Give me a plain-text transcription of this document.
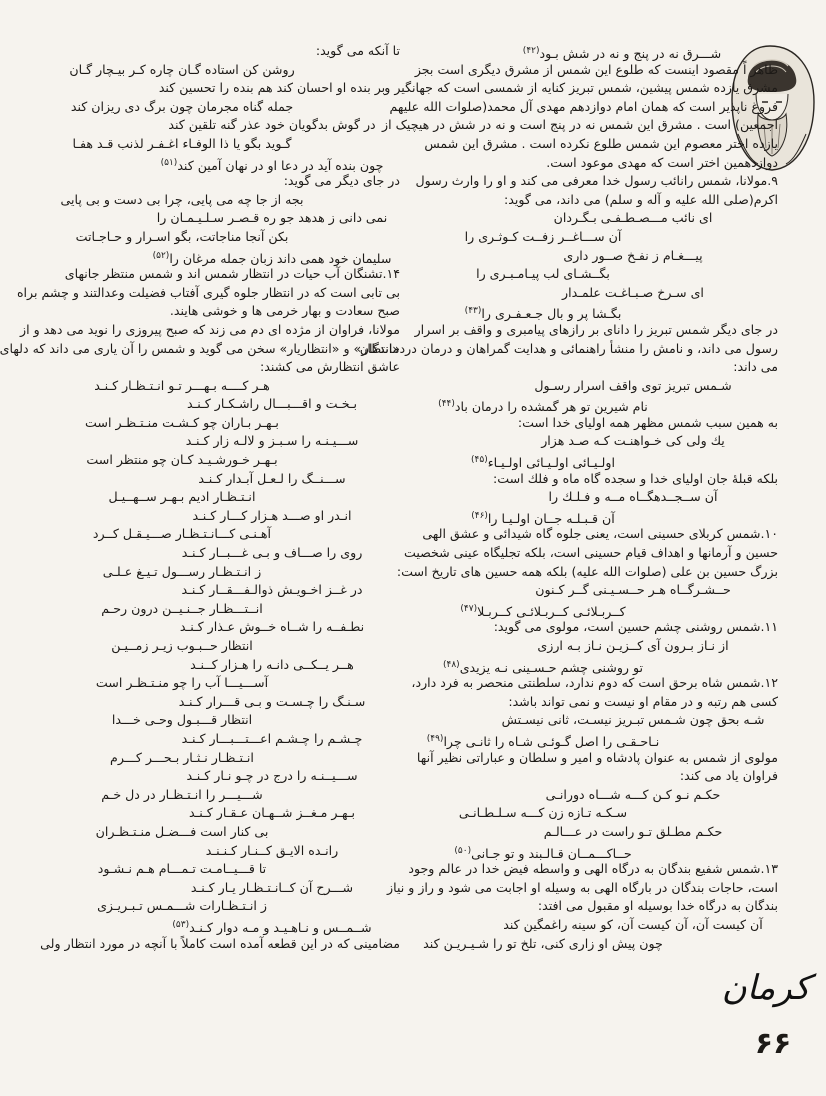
شـــرق نه در پنج و نه در شش بـود$^{(۴۲)}$
ظاهر اً مقصود اینست که طلوع این شمس از مشرق دیگری است بجز
مشرق یازده شمس پیشین، شمس تبریز کنایه از شمسی است که جهانگیر و
فروغ ناپذیر است که همان امام دوازدهم مهدی آل محمد(صلوات الله علیهم
اجمعین) است . مشرق این شمس نه در پنج است و نه در شش در هیچیک از
یازده اختر معصوم این شمس طلوع نکرده است . مشرق این شمس
دوازدهمین اختر است که مهدی موعود است.
۹.مولانا، شمس رانائب رسول خدا معرفی می کند و او را وارث رسول
اکرم(صلی الله علیه و آله و سلم) می داند، می گوید:
ای نائب مـــصـطـفـی بـگـردان
آن ســـاغــر زفــت کـوثـری را
پیـــغـام ز نفـخ صــور داری
بگــشـای لب پیـامـبـری را
ای سـرخ صـبـاغـت علمـدار
بگـشا پر و بال جـعـفـری را$^{(۴۳)}$
در جای دیگر شمس تبریز را دانای بر رازهای پیامبری و واقف بر اسرار
رسول می داند، و نامش را منشأ راهنمائی و هدایت گمراهان و درمان دردماندگان
می داند:
شـمس تبریز توی واقف اسرار رسـول
نام شیرین تو هر گمشده را درمان باد$^{(۴۴)}$
به همین سبب شمس مظهر همه اولیای خدا است:
یك ولی کی خـواهنـت کـه صـد هزار
اولـیـائی اولـیـائی اولـیـاء$^{(۴۵)}$
بلکه قبلۀ جان اولیای خدا و سجده گاه ماه و فلك است:
آن ســجــدهگــاه مــه و فـلـك را
آن قـبـلـه جــان اولـیـا را$^{(۴۶)}$
۱۰.شمس کربلای حسینی است، یعنی جلوه گاه شیدائی و عشق الهی
حسین و آرمانها و اهداف قیام حسینی است، بلکه تجلیگاه عینی شخصیت
بزرگ حسین بن علی (صلوات الله علیه) بلکه همه حسین های تاریخ است:
حــشـرگــاه هـر حــسـیـنی گــر کـنون
کــربـلائـی کــربـلائـی کــربـلا$^{(۴۷)}$
۱۱.شمس روشنی چشم حسین است، مولوی می گوید:
از نـاز بـرون آی کــزیـن نـاز بـه ارزی
تو روشنی چشم حـسـینی نـه یزیدی$^{(۴۸)}$
۱۲.شمس شاه برحق است که دوم ندارد، سلطنتی منحصر به فرد دارد،
کسی هم رتبه و در مقام او نیست و نمی تواند باشد:
شـه بحق چون شـمس تبـریز نیسـت، ثانی نیسـتش
نـاحـقـی را اصل گـوئـی شـاه را ثانـی چرا$^{(۴۹)}$
مولوی از شمس به عنوان پادشاه و امیر و سلطان و عباراتی نظیر آنها
فراوان یاد می کند:
حکـم نـو کـن کـــه شـــاه دورانـی
سـکـه تـازه زن کـــه سـلـطـانـی
حکـم مطـلق تـو راست در عـــالـم
حــاکـــمــان قـالـبند و تو جـانی$^{(۵۰)}$
۱۳.شمس شفیع بندگان به درگاه الهی و واسطه فیض خدا در عالم وجود
است، حاجات بندگان در بارگاه الهی به وسیله او اجابت می شود و راز و نیاز
بندگان به درگاه خدا بوسیله او مقبول می افتد:
آن کیست آن، آن کیست آن، کو سینه راغمگین کند
چون پیش او زاری کنی، تلخ تو را شـیـریـن کند
تا آنکه می گوید:
روشن کن استاده گـان چاره کـر بیـچار گـان
بر بنده او احسان کند هم بنده را تحسین کند
جمله گناه مجرمان چون برگ دی ریزان کند
در گوش بدگویان خود عذر گنه تلقین کند
گـوید بگو یا ذا الوفـاء اغـفـر لذنب قـد هفـا
چون بنده آید در دعا او در نهان آمین کند$^{(۵۱)}$
در جای دیگر می گوید:
بجه از جا چه می پایی، چرا بی دست و بی پایی
نمی دانی ز هدهد جو ره قـصـر سـلـیـمـان را
بکن آنجا مناجاتت، بگو اسـرار و حـاجـاتت
سلیمان خود همی داند زبان جمله مرغان را$^{(۵۲)}$
۱۴.تشنگان آب حیات در انتظار شمس اند و شمس منتظر جانهای
بی تابی است که در انتظار جلوه گیری آفتاب فضیلت وعدالتند و چشم براه
صبح سعادت و بهار خرمی ها و خوشی هایند.
مولانا، فراوان از مژده ای دم می زند که صبح پیروزی را نوید می دهد و از
«انتظار» و «انتظاریار» سخن می گوید و شمس را آن یاری می داند که دلهای
عاشق انتظارش می کشند:
هـر کــــه بـهـــر تـو انـتـظـار کـنـد
بـخـت و اقـــبـــال راشـکـار کـنـد
بـهـر بـاران چو کـشـت منـتـظـر است
ســـیـنـه را سـبـز و لالـه زار کـنـد
بـهـر خـورشـیـد کـان چو منتظر است
ســـنــگ را لـعـل آبـدار کـنـد
انـتـظـار ادیم بـهـر ســهــیـل
انـدر او صـــد هـزار کـــار کـنـد
آهـنـی کـــانـتـظـار صـــیـقـل کــرد
روی را صـــاف و بـی غـــبــار کـنـد
ز انـتـظـار رســـول تـیـغ عـلـی
در غــز اخـویـش ذوالـفـــقــار کـنـد
انــتـــظـار جــنـیــن درون رحـم
نطـفــه را شــاه خــوش عـذار کـنـد
انتظار حــبـوب زیـر زمــیـن
هــر یــکــی دانـه را هـزار کــنـد
آســـیـــا آب را چو منـتـظـر است
سـنـگ را چـسـت و بـی قـــرار کـنـد
انتظار قـــبـول وحـی خـــدا
چـشـم را چـشـم اعـــتـــبـــار کـنـد
انـتـظـار نـثـار بـحـــر کـــرم
ســـیــنـه را درج در چـو نـار کـنـد
شـــیـــر را انـتـظـار در دل خـم
بـهـر مـغــز شــهـان عـقـار کـنـد
بی کنار است فـــضـل منـتـظـران
رانـده الایـق کــنـار کـنـنـد
تا قـــیــامـت تـمـــام هـم نـشـود
شـــرح آن کــانـتـظـار یـار کـنـد
ز انـتـظـارات شـــمـس تـبـریـزی
شــمــس و نـاهـیـد و مـه دوار کـنـد$^{(۵۳)}$
مضامینی که در این قطعه آمده است کاملاً با آنچه در مورد انتظار ولی
کرمان
۶۶
